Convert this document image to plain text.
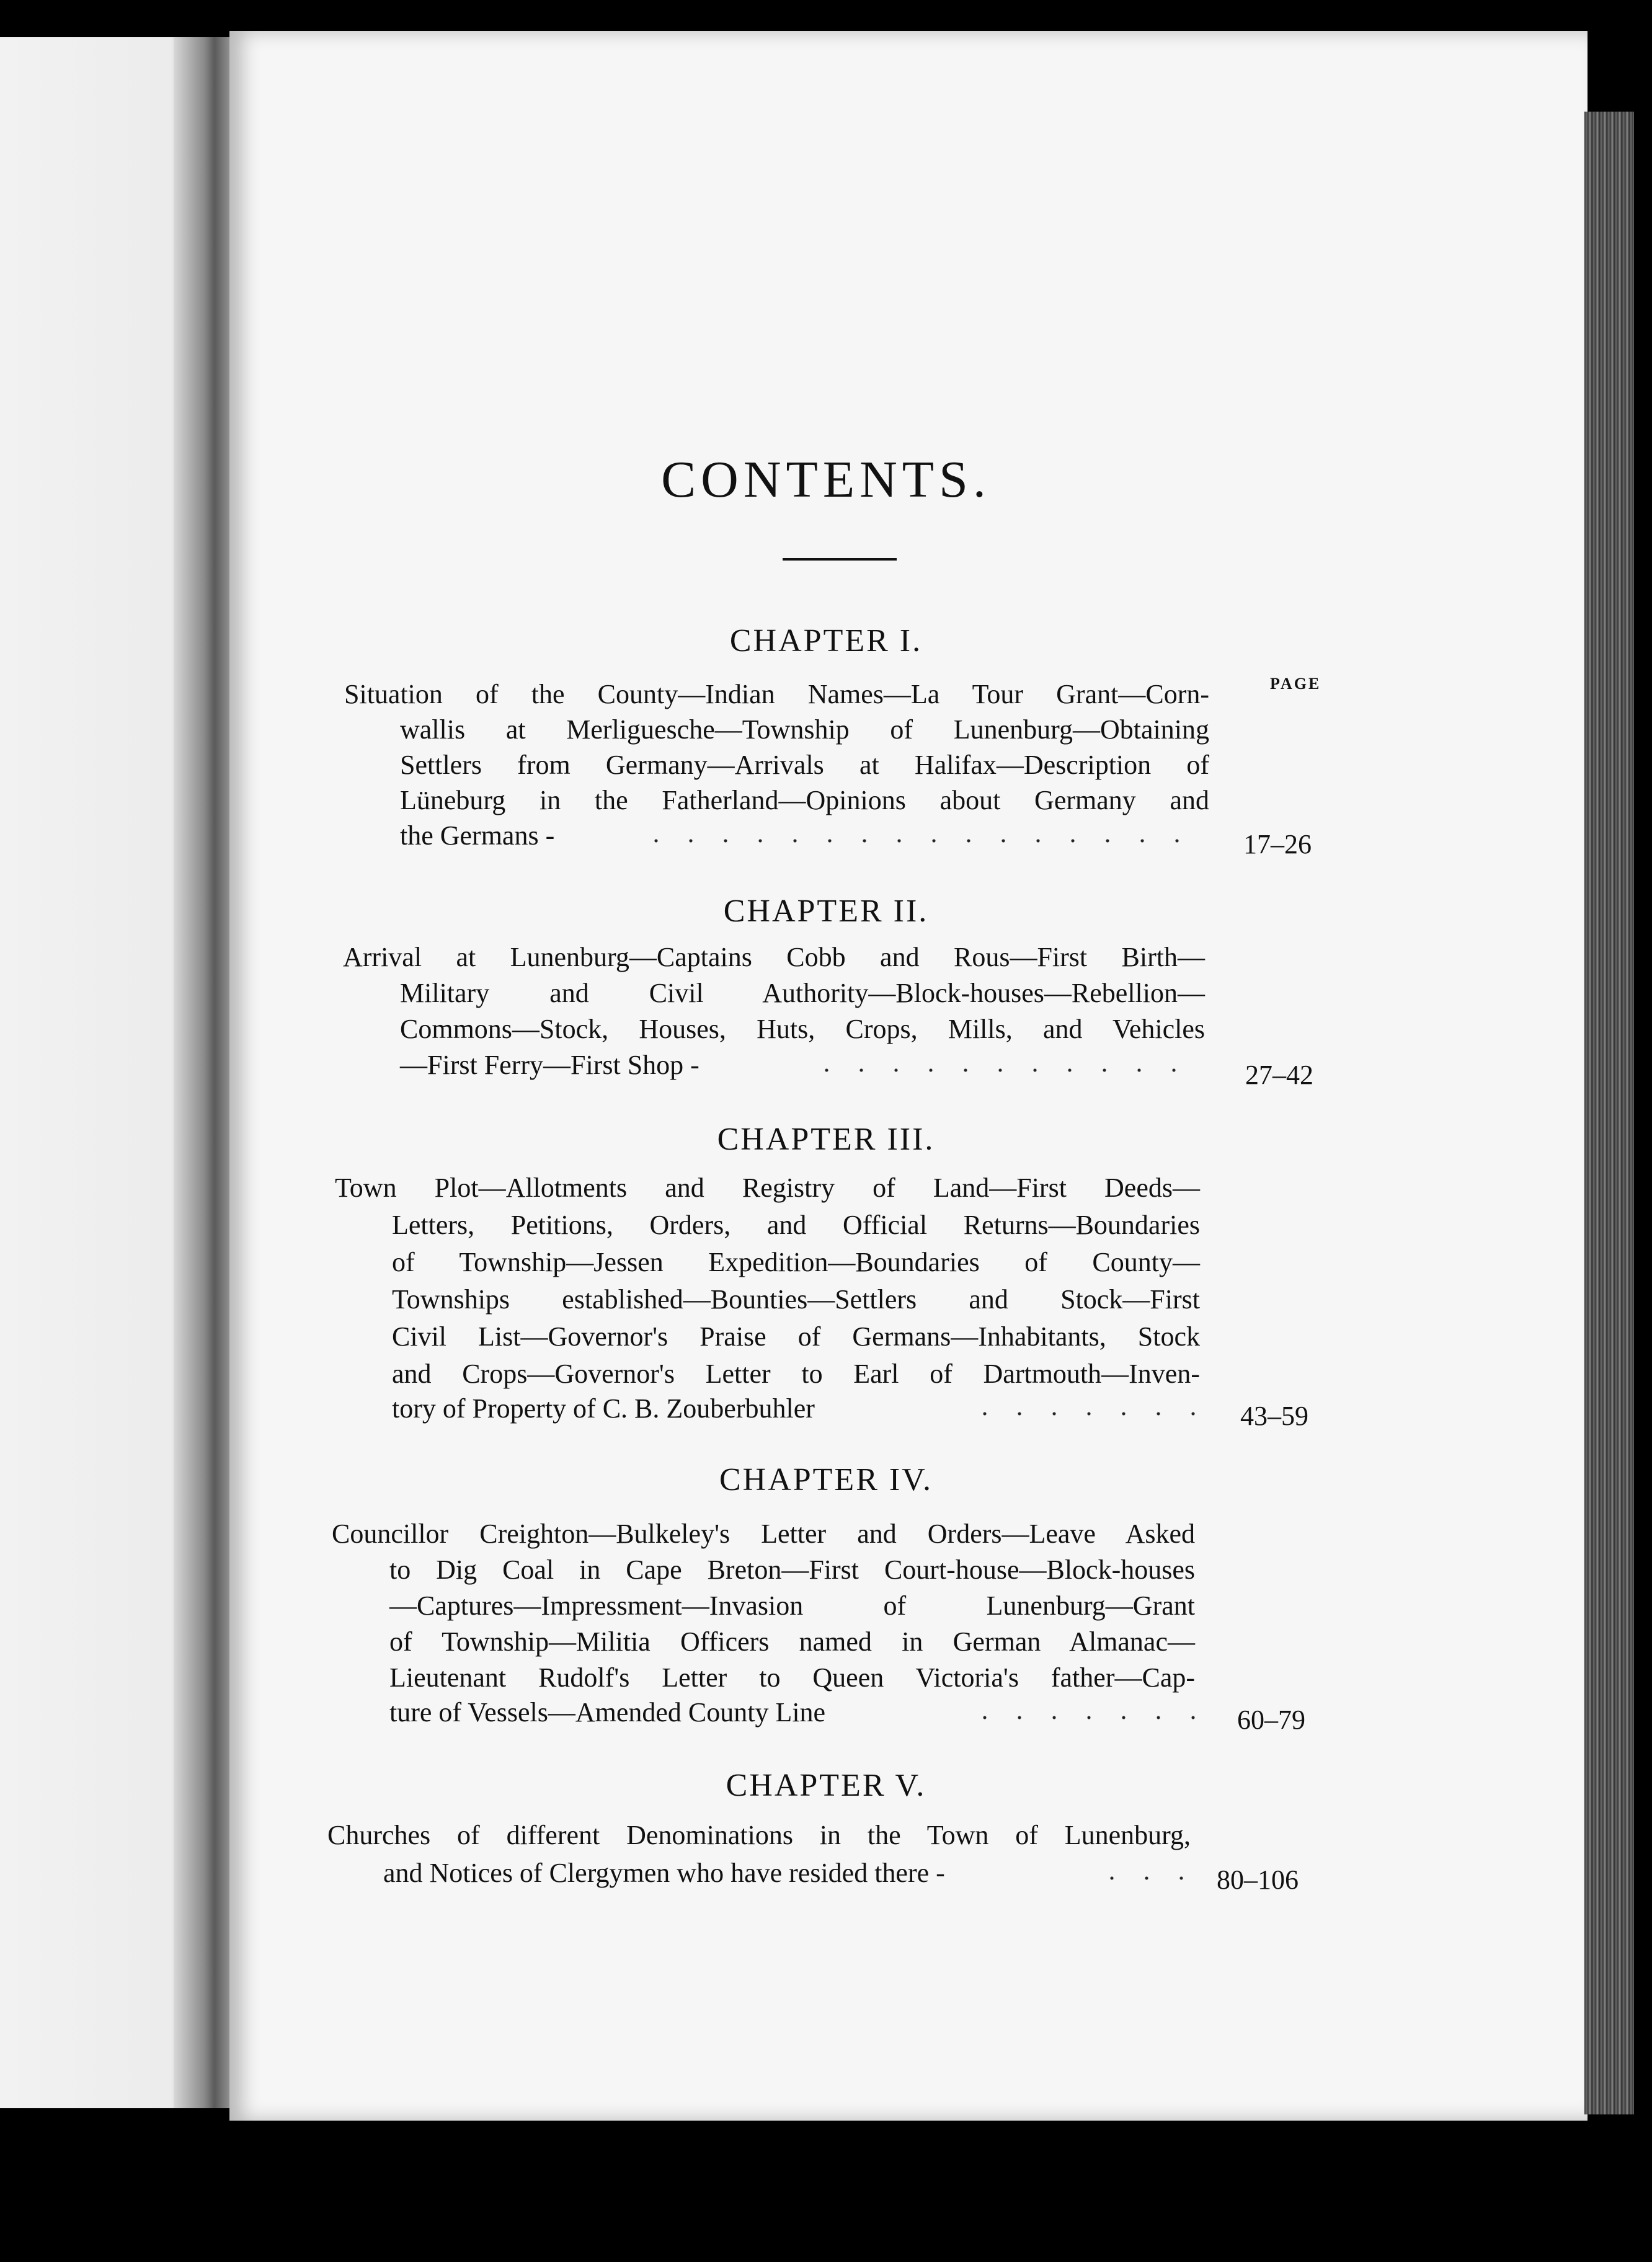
CONTENTS.
PAGE
CHAPTER I.
Situation of the County—Indian Names—La Tour Grant—Corn-
wallis at Merliguesche—Township of Lunenburg—Obtaining
Settlers from Germany—Arrivals at Halifax—Description of
Lüneburg in the Fatherland—Opinions about Germany and
the Germans -	17–26
CHAPTER II.
Arrival at Lunenburg—Captains Cobb and Rous—First Birth—
Military and Civil Authority—Block-houses—Rebellion—
Commons—Stock, Houses, Huts, Crops, Mills, and Vehicles
—First Ferry—First Shop -	27–42
CHAPTER III.
Town Plot—Allotments and Registry of Land—First Deeds—
Letters, Petitions, Orders, and Official Returns—Boundaries
of Township—Jessen Expedition—Boundaries of County—
Townships established—Bounties—Settlers and Stock—First
Civil List—Governor's Praise of Germans—Inhabitants, Stock
and Crops—Governor's Letter to Earl of Dartmouth—Inven-
tory of Property of C. B. Zouberbuhler	43–59
CHAPTER IV.
Councillor Creighton—Bulkeley's Letter and Orders—Leave Asked
to Dig Coal in Cape Breton—First Court-house—Block-houses
—Captures—Impressment—Invasion of Lunenburg—Grant
of Township—Militia Officers named in German Almanac—
Lieutenant Rudolf's Letter to Queen Victoria's father—Cap-
ture of Vessels—Amended County Line	60–79
CHAPTER V.
Churches of different Denominations in the Town of Lunenburg,
and Notices of Clergymen who have resided there -	80–106
